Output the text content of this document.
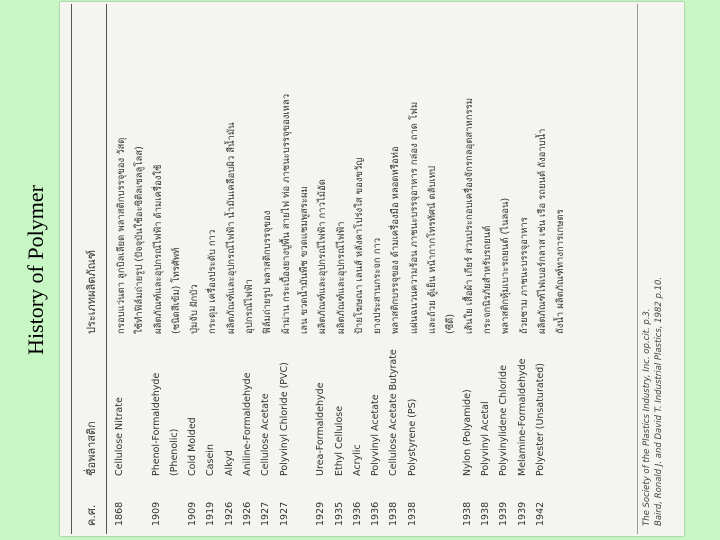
History of Polymer
ค.ศ.
ชื่อพลาสติก
ประเภทผลิตภัณฑ์
1868
Cellulose Nitrate
กรอบแว่นตา ลูกบิลเลียด พลาสติกบรรจุของ วัสดุ ใช้ทำฟิล์มถ่ายรูป (ปัจจุบันใช้อะซิติลเซลลูโลส)
1909
Phenol-Formaldehyde
ผลิตภัณฑ์และอุปกรณ์ไฟฟ้า ด้ามเครื่องใช้
(Phenolic)
(ชนิดสีเข้ม) โทรศัพท์
1909
Cold Molded
ปุ่มจับ ฝักบัว
1919
Casein
กระดุม เครื่องประดับ กาว
1926
Alkyd
ผลิตภัณฑ์และอุปกรณ์ไฟฟ้า น้ำมันเคลือบผิว สีน้ำมัน
1926
Aniline-Formaldehyde
อุปกรณ์ไฟฟ้า
1927
Cellulose Acetate
ฟิล์มถ่ายรูป พลาสติกบรรจุของ
1927
Polyvinyl Chloride (PVC)
ผ้าม่าน กระเบื้องยางปูพื้น สายไฟ ท่อ ภาชนะบรรจุของเหลว เลน ขวดน้ำมันพืช ขวดแชมพูสระผม
1929
Urea-Formaldehyde
ผลิตภัณฑ์และอุปกรณ์ไฟฟ้า กาวไม้อัด
1935
Ethyl Cellulose
ผลิตภัณฑ์และอุปกรณ์ไฟฟ้า
1936
Acrylic
ป้ายโฆษณา เลนส์ หลังคาโปร่งใส ของขวัญ
1936
Polyvinyl Acetate
ยางประสานกระจก กาว
1938
Cellulose Acetate Butyrate
พลาสติกบรรจุของ ด้ามเครื่องมือ หลอดหรือท่อ
1938
Polystyrene (PS)
แผ่นฉนวนความร้อน ภาชนะบรรจุอาหาร กล่อง ถาด โฟม และถ้วย ตู้เย็น หน้ากากโทรทัศน์ ตลับเทป (ซีดี)
1938
Nylon (Polyamide)
เส้นใย เสื้อผ้า เกียร์ ส่วนประกอบเครื่องจักรกลอุตสาหกรรม
1938
Polyvinyl Acetal
กระจกนิรภัยสำหรับรถยนต์
1939
Polyvinylidene Chloride
พลาสติกหุ้มเบาะรถยนต์ (ไนลอน)
1939
Melamine-Formaldehyde
ถ้วยชาม ภาชนะบรรจุอาหาร
1942
Polyester (Unsaturated)
ผลิตภัณฑ์ไฟเบอร์กลาส เช่น เรือ รถยนต์ ถังอาบน้ำ ถังน้ำ ผลิตภัณฑ์ทางการเกษตร
The Society of the Plastics Industry, Inc. op.cit. p.3. Baird, Ronald J. and David T. Industrial Plastics, 1982 p.10.
